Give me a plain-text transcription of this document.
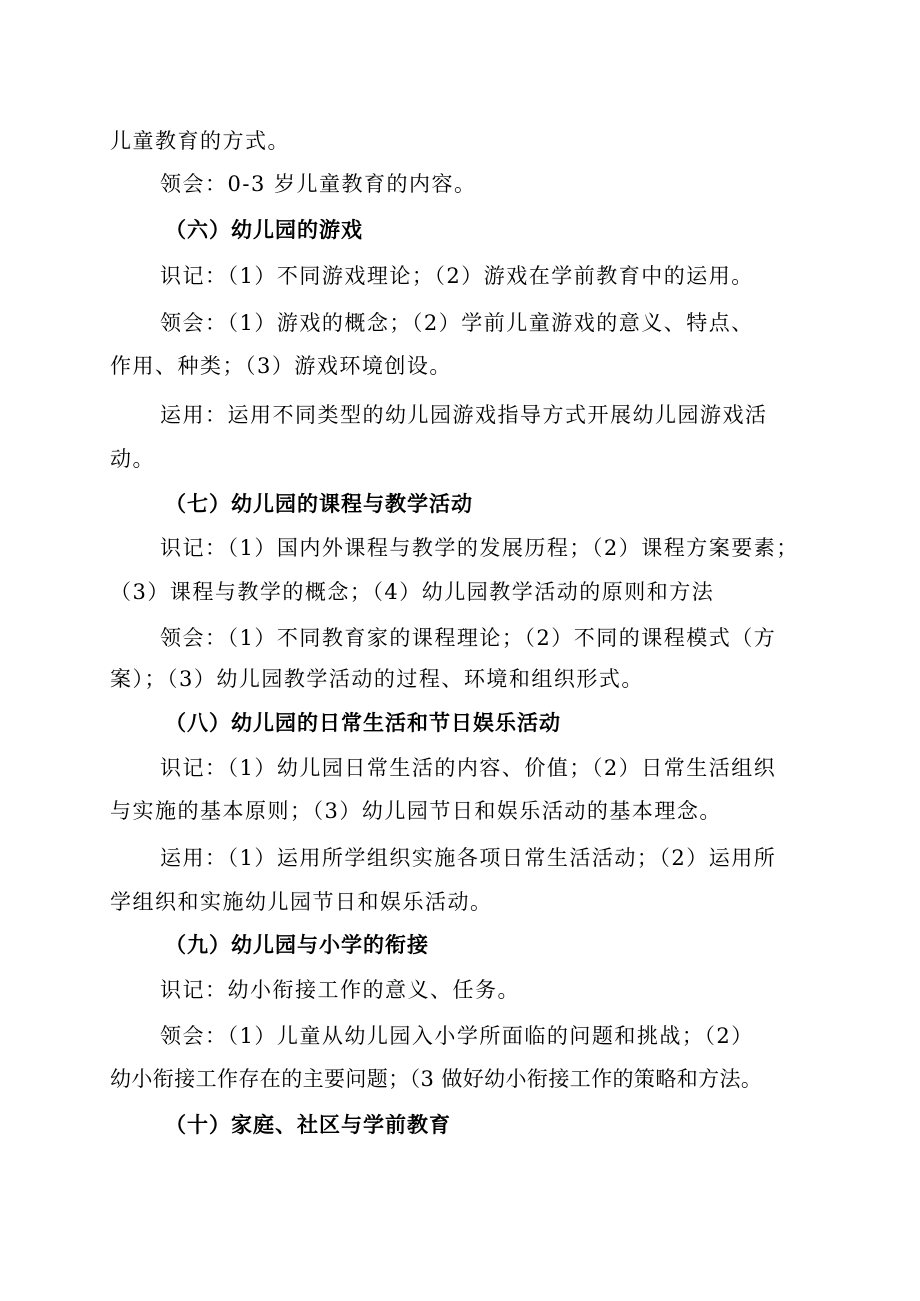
儿童教育的方式。
领会：0-3 岁儿童教育的内容。
（六）幼儿园的游戏
识记：（1）不同游戏理论；（2）游戏在学前教育中的运用。
领会：（1）游戏的概念；（2）学前儿童游戏的意义、特点、
作用、种类；（3）游戏环境创设。
运用：运用不同类型的幼儿园游戏指导方式开展幼儿园游戏活
动。
（七）幼儿园的课程与教学活动
识记：（1）国内外课程与教学的发展历程；（2）课程方案要素；
（3）课程与教学的概念；（4）幼儿园教学活动的原则和方法
领会：（1）不同教育家的课程理论；（2）不同的课程模式（方
案）；（3）幼儿园教学活动的过程、环境和组织形式。
（八）幼儿园的日常生活和节日娱乐活动
识记：（1）幼儿园日常生活的内容、价值；（2）日常生活组织
与实施的基本原则；（3）幼儿园节日和娱乐活动的基本理念。
运用：（1）运用所学组织实施各项日常生活活动；（2）运用所
学组织和实施幼儿园节日和娱乐活动。
（九）幼儿园与小学的衔接
识记：幼小衔接工作的意义、任务。
领会：（1）儿童从幼儿园入小学所面临的问题和挑战；（2）
幼小衔接工作存在的主要问题；（3 做好幼小衔接工作的策略和方法。
（十）家庭、社区与学前教育
